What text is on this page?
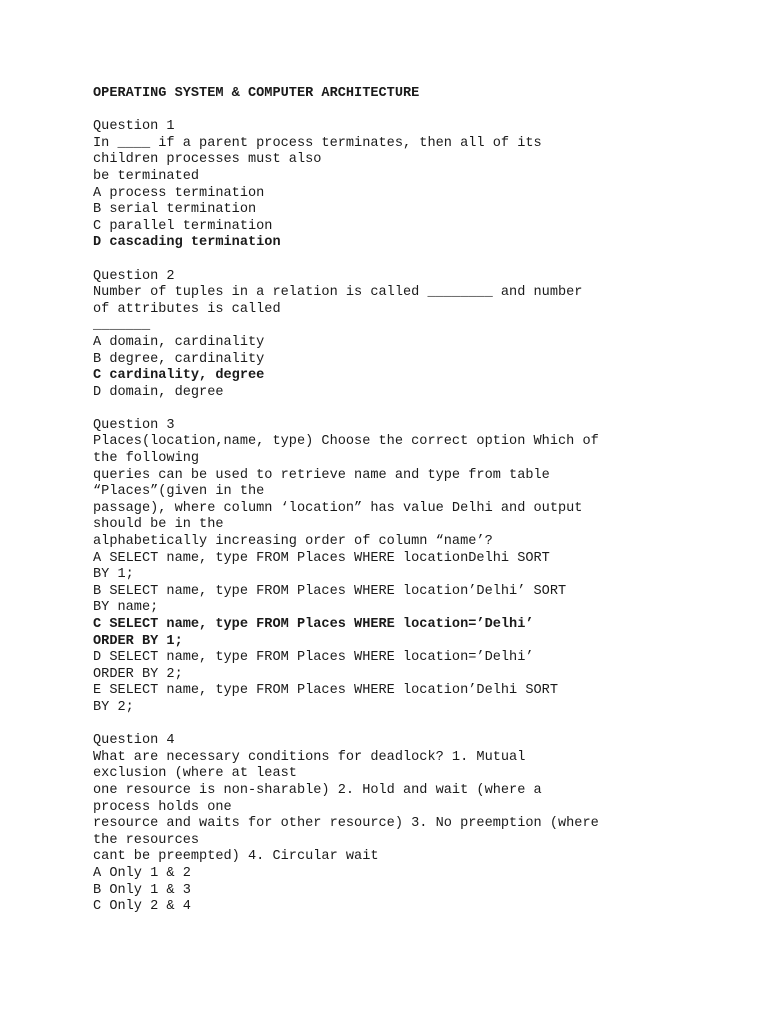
OPERATING SYSTEM & COMPUTER ARCHITECTURE
Question 1
In ____ if a parent process terminates, then all of its
children processes must also
be terminated
A process termination
B serial termination
C parallel termination
D cascading termination
Question 2
Number of tuples in a relation is called ________ and number
of attributes is called
_______
A domain, cardinality
B degree, cardinality
C cardinality, degree
D domain, degree
Question 3
Places(location,name, type) Choose the correct option Which of
the following
queries can be used to retrieve name and type from table
“Places”(given in the
passage), where column ‘location” has value Delhi and output
should be in the
alphabetically increasing order of column “name’?
A SELECT name, type FROM Places WHERE locationDelhi SORT
BY 1;
B SELECT name, type FROM Places WHERE location’Delhi’ SORT
BY name;
C SELECT name, type FROM Places WHERE location=’Delhi’
ORDER BY 1;
D SELECT name, type FROM Places WHERE location=’Delhi’
ORDER BY 2;
E SELECT name, type FROM Places WHERE location’Delhi SORT
BY 2;
Question 4
What are necessary conditions for deadlock? 1. Mutual
exclusion (where at least
one resource is non-sharable) 2. Hold and wait (where a
process holds one
resource and waits for other resource) 3. No preemption (where
the resources
cant be preempted) 4. Circular wait
A Only 1 & 2
B Only 1 & 3
C Only 2 & 4
